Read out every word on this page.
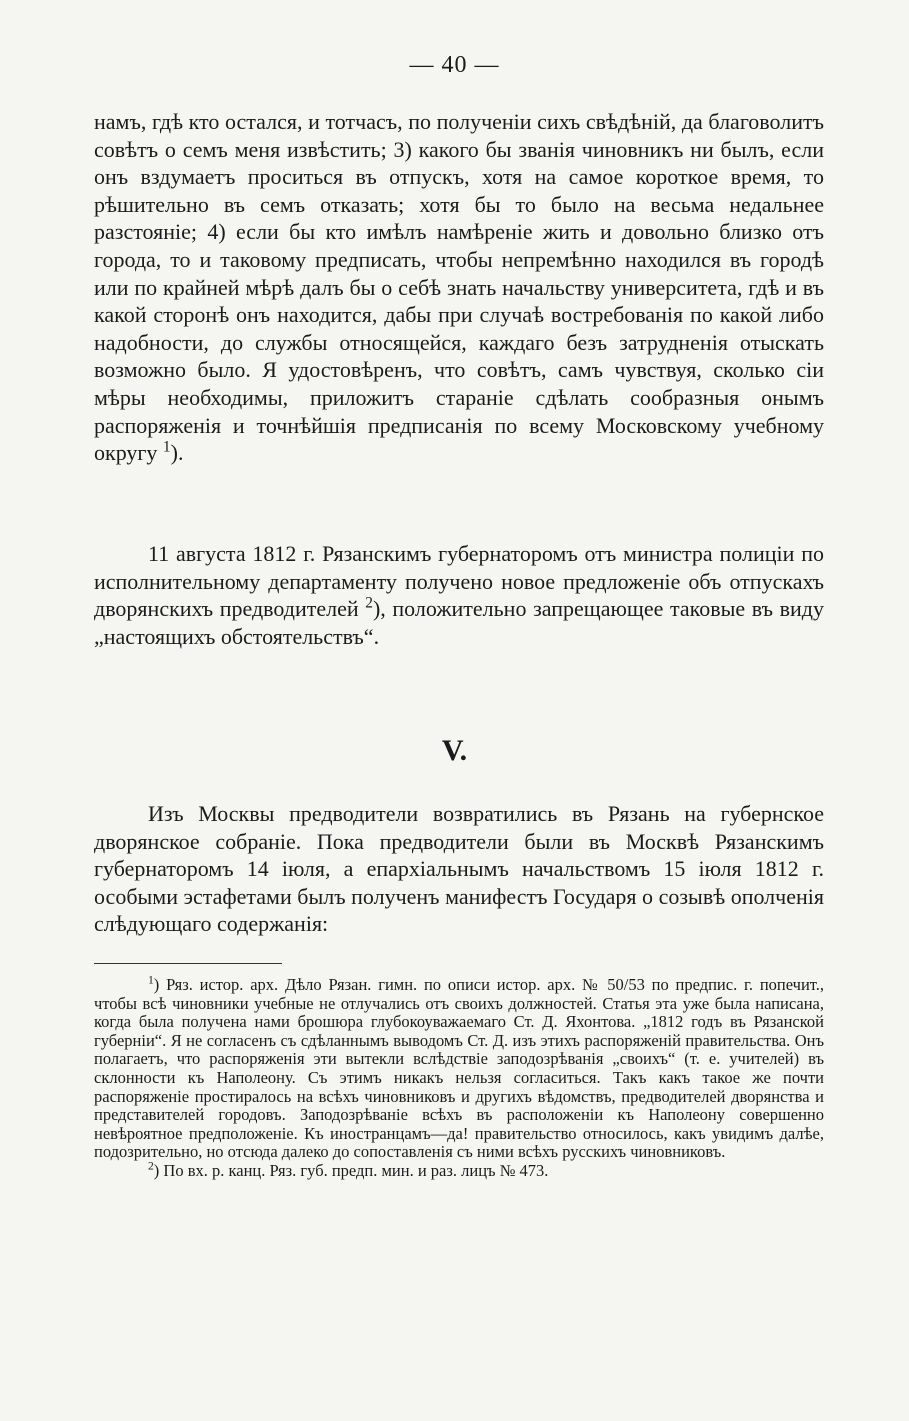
— 40 —

намъ, гдѣ кто остался, и тотчасъ, по полученіи сихъ свѣдѣній, да благоволитъ совѣтъ о семъ меня извѣстить; 3) какого бы званія чиновникъ ни былъ, если онъ вздумаетъ проситься въ отпускъ, хотя на самое короткое время, то рѣшительно въ семъ отказать; хотя бы то было на весьма недальнее разстояніе; 4) если бы кто имѣлъ намѣреніе жить и довольно близко отъ города, то и таковому предписать, чтобы непремѣнно находился въ городѣ или по крайней мѣрѣ далъ бы о себѣ знать начальству университета, гдѣ и въ какой сторонѣ онъ находится, дабы при случаѣ востребованія по какой либо надобности, до службы относящейся, каждаго безъ затрудненія отыскать возможно было. Я удостовѣренъ, что совѣтъ, самъ чувствуя, сколько сіи мѣры необходимы, приложитъ стараніе сдѣлать сообразныя онымъ распоряженія и точнѣйшія предписанія по всему Московскому учебному округу $^1$).

11 августа 1812 г. Рязанскимъ губернаторомъ отъ министра полиціи по исполнительному департаменту получено новое предложеніе объ отпускахъ дворянскихъ предводителей $^2$), положительно запрещающее таковые въ виду „настоящихъ обстоятельствъ“.

V.

Изъ Москвы предводители возвратились въ Рязань на губернское дворянское собраніе. Пока предводители были въ Москвѣ Рязанскимъ губернаторомъ 14 іюля, а епархіальнымъ начальствомъ 15 іюля 1812 г. особыми эстафетами былъ полученъ манифестъ Государя о созывѣ ополченія слѣдующаго содержанія:

$^1$) Ряз. истор. арх. Дѣло Рязан. гимн. по описи истор. арх. № 50/53 по предпис. г. попечит., чтобы всѣ чиновники учебные не отлучались отъ своихъ должностей. Статья эта уже была написана, когда была получена нами брошюра глубокоуважаемаго Ст. Д. Яхонтова. „1812 годъ въ Рязанской губерніи“. Я не согласенъ съ сдѣланнымъ выводомъ Ст. Д. изъ этихъ распоряженій правительства. Онъ полагаетъ, что распоряженія эти вытекли вслѣдствіе заподозрѣванія „своихъ“ (т. е. учителей) въ склонности къ Наполеону. Съ этимъ никакъ нельзя согласиться. Такъ какъ такое же почти распоряженіе простиралось на всѣхъ чиновниковъ и другихъ вѣдомствъ, предводителей дворянства и представителей городовъ. Заподозрѣваніе всѣхъ въ расположеніи къ Наполеону совершенно невѣроятное предположеніе. Къ иностранцамъ—да! правительство относилось, какъ увидимъ далѣе, подозрительно, но отсюда далеко до сопоставленія съ ними всѣхъ русскихъ чиновниковъ.

$^2$) По вх. р. канц. Ряз. губ. предп. мин. и раз. лицъ № 473.
